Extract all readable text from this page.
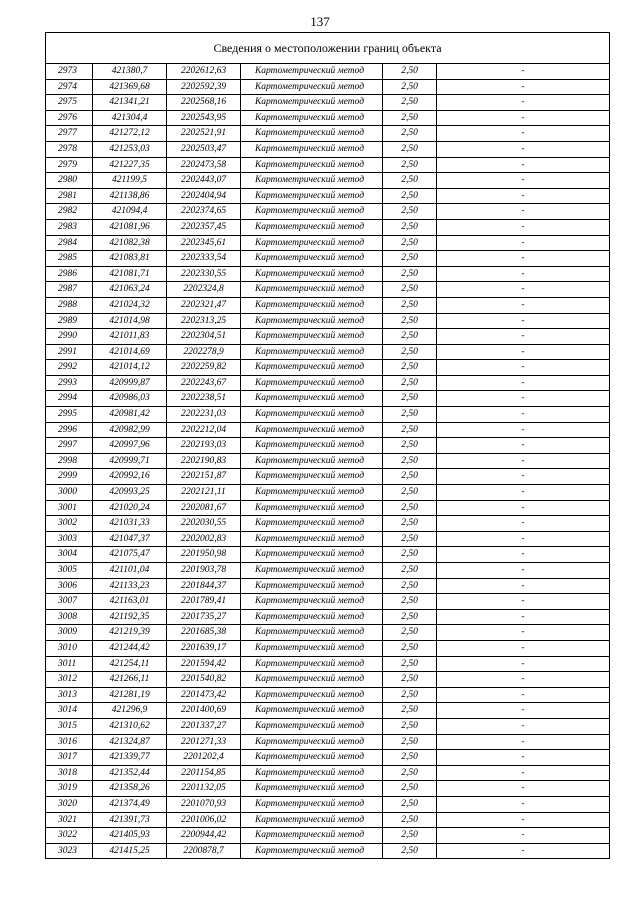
137
Сведения о местоположении границ объекта					
2973	421380,7	2202612,63	Картометрический метод	2,50	-
2974	421369,68	2202592,39	Картометрический метод	2,50	-
2975	421341,21	2202568,16	Картометрический метод	2,50	-
2976	421304,4	2202543,95	Картометрический метод	2,50	-
2977	421272,12	2202521,91	Картометрический метод	2,50	-
2978	421253,03	2202503,47	Картометрический метод	2,50	-
2979	421227,35	2202473,58	Картометрический метод	2,50	-
2980	421199,5	2202443,07	Картометрический метод	2,50	-
2981	421138,86	2202404,94	Картометрический метод	2,50	-
2982	421094,4	2202374,65	Картометрический метод	2,50	-
2983	421081,96	2202357,45	Картометрический метод	2,50	-
2984	421082,38	2202345,61	Картометрический метод	2,50	-
2985	421083,81	2202333,54	Картометрический метод	2,50	-
2986	421081,71	2202330,55	Картометрический метод	2,50	-
2987	421063,24	2202324,8	Картометрический метод	2,50	-
2988	421024,32	2202321,47	Картометрический метод	2,50	-
2989	421014,98	2202313,25	Картометрический метод	2,50	-
2990	421011,83	2202304,51	Картометрический метод	2,50	-
2991	421014,69	2202278,9	Картометрический метод	2,50	-
2992	421014,12	2202259,82	Картометрический метод	2,50	-
2993	420999,87	2202243,67	Картометрический метод	2,50	-
2994	420986,03	2202238,51	Картометрический метод	2,50	-
2995	420981,42	2202231,03	Картометрический метод	2,50	-
2996	420982,99	2202212,04	Картометрический метод	2,50	-
2997	420997,96	2202193,03	Картометрический метод	2,50	-
2998	420999,71	2202190,83	Картометрический метод	2,50	-
2999	420992,16	2202151,87	Картометрический метод	2,50	-
3000	420993,25	2202121,11	Картометрический метод	2,50	-
3001	421020,24	2202081,67	Картометрический метод	2,50	-
3002	421031,33	2202030,55	Картометрический метод	2,50	-
3003	421047,37	2202002,83	Картометрический метод	2,50	-
3004	421075,47	2201950,98	Картометрический метод	2,50	-
3005	421101,04	2201903,78	Картометрический метод	2,50	-
3006	421133,23	2201844,37	Картометрический метод	2,50	-
3007	421163,01	2201789,41	Картометрический метод	2,50	-
3008	421192,35	2201735,27	Картометрический метод	2,50	-
3009	421219,39	2201685,38	Картометрический метод	2,50	-
3010	421244,42	2201639,17	Картометрический метод	2,50	-
3011	421254,11	2201594,42	Картометрический метод	2,50	-
3012	421266,11	2201540,82	Картометрический метод	2,50	-
3013	421281,19	2201473,42	Картометрический метод	2,50	-
3014	421296,9	2201400,69	Картометрический метод	2,50	-
3015	421310,62	2201337,27	Картометрический метод	2,50	-
3016	421324,87	2201271,33	Картометрический метод	2,50	-
3017	421339,77	2201202,4	Картометрический метод	2,50	-
3018	421352,44	2201154,85	Картометрический метод	2,50	-
3019	421358,26	2201132,05	Картометрический метод	2,50	-
3020	421374,49	2201070,93	Картометрический метод	2,50	-
3021	421391,73	2201006,02	Картометрический метод	2,50	-
3022	421405,93	2200944,42	Картометрический метод	2,50	-
3023	421415,25	2200878,7	Картометрический метод	2,50	-
